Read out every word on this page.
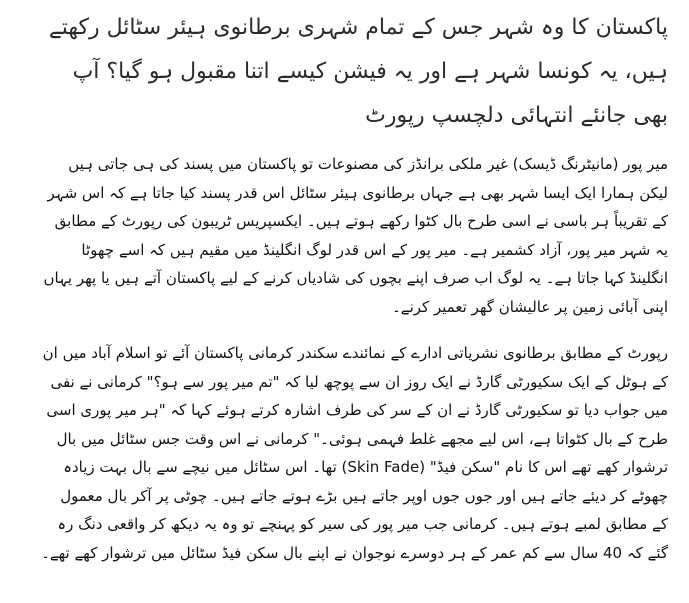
پاکستان کا وہ شہر جس کے تمام شہری برطانوی ہیئر سٹائل رکھتے ہیں، یہ کونسا شہر ہے اور یہ فیشن کیسے اتنا مقبول ہو گیا؟ آپ بھی جانئے انتہائی دلچسپ رپورٹ

میر پور (مانیٹرنگ ڈیسک) غیر ملکی برانڈز کی مصنوعات تو پاکستان میں پسند کی ہی جاتی ہیں لیکن ہمارا ایک ایسا شہر بھی ہے جہاں برطانوی ہیئر سٹائل اس قدر پسند کیا جاتا ہے کہ اس شہر کے تقریباً ہر باسی نے اسی طرح بال کٹوا رکھے ہوتے ہیں۔ ایکسپریس ٹریبون کی رپورٹ کے مطابق یہ شہر میر پور، آزاد کشمیر ہے۔ میر پور کے اس قدر لوگ انگلینڈ میں مقیم ہیں کہ اسے چھوٹا انگلینڈ کہا جاتا ہے۔ یہ لوگ اب صرف اپنے بچوں کی شادیاں کرنے کے لیے پاکستان آتے ہیں یا پھر یہاں اپنی آبائی زمین پر عالیشان گھر تعمیر کرنے۔

رپورٹ کے مطابق برطانوی نشریاتی ادارے کے نمائندے سکندر کرمانی پاکستان آئے تو اسلام آباد میں ان کے ہوٹل کے ایک سکیورٹی گارڈ نے ایک روز ان سے پوچھ لیا کہ "تم میر پور سے ہو؟" کرمانی نے نفی میں جواب دیا تو سکیورٹی گارڈ نے ان کے سر کی طرف اشارہ کرتے ہوئے کہا کہ "ہر میر پوری اسی طرح کے بال کٹواتا ہے، اس لیے مجھے غلط فہمی ہوئی۔" کرمانی نے اس وقت جس سٹائل میں بال ترشوار کھے تھے اس کا نام "سکن فیڈ" (Skin Fade) تھا۔ اس سٹائل میں نیچے سے بال بہت زیادہ چھوٹے کر دیئے جاتے ہیں اور جوں جوں اوپر جاتے ہیں بڑے ہوتے جاتے ہیں۔ چوٹی پر آکر بال معمول کے مطابق لمبے ہوتے ہیں۔ کرمانی جب میر پور کی سیر کو پہنچے تو وہ یہ دیکھ کر واقعی دنگ رہ گئے کہ 40 سال سے کم عمر کے ہر دوسرے نوجوان نے اپنے بال سکن فیڈ سٹائل میں ترشوار کھے تھے۔
